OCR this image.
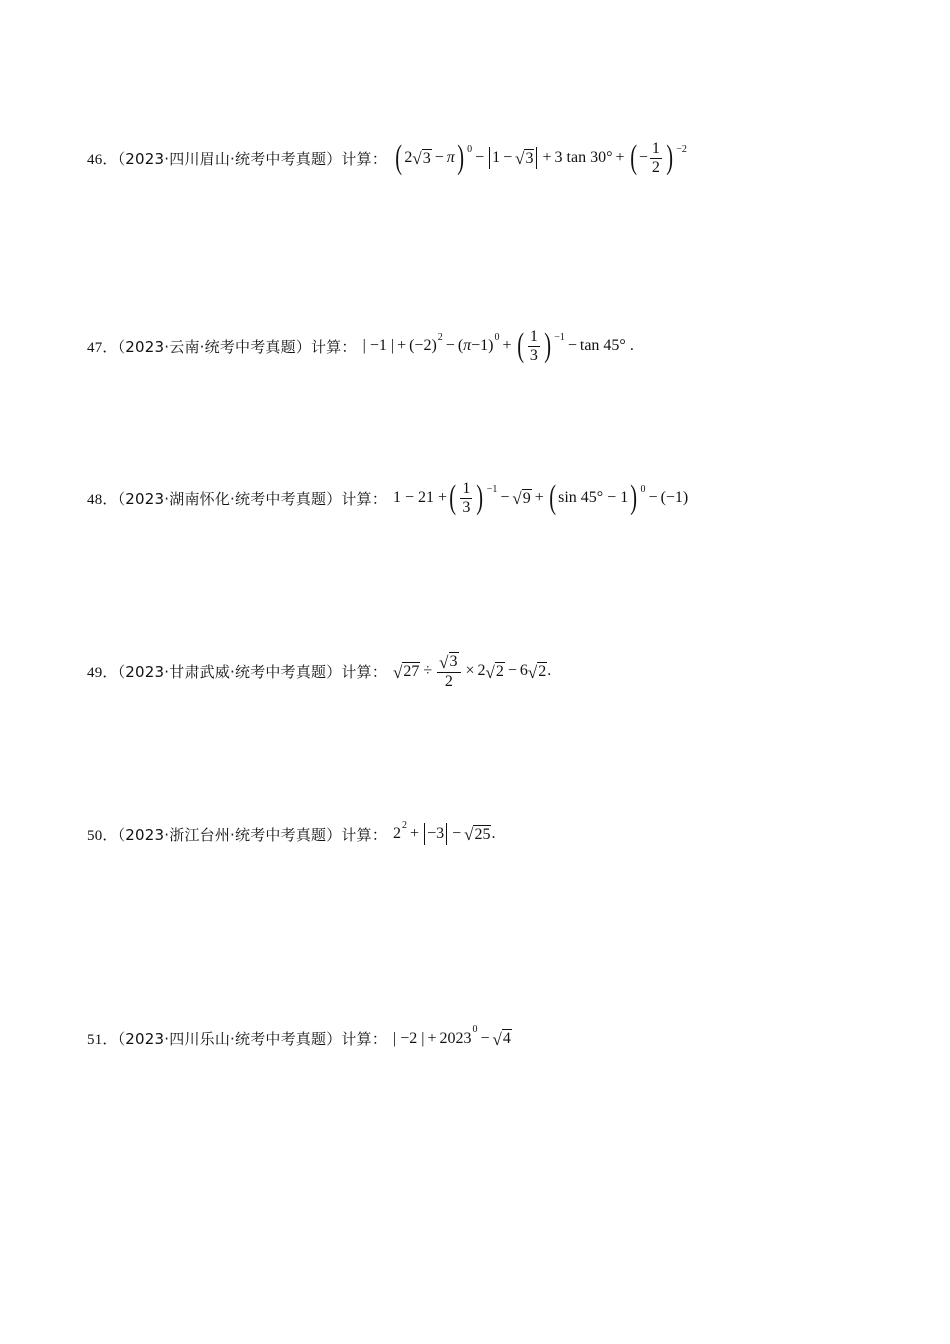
46．（2023·四川眉山·统考中考真题）计算： ( 2 √ 3 − π ) 0 − 1 − √ 3 + 3 tan 30° + ( − $\frac{1}{2}$ ) −2
47．（2023·云南·统考中考真题）计算： | −1 | + (−2) 2 − ( π −1) 0 + ( $\frac{1}{3}$ ) −1 − tan 45° .
48．（2023·湖南怀化·统考中考真题）计算： 1 − 21 + ( $\frac{1}{3}$ ) −1 − √ 9 + ( sin 45° − 1 ) 0 − (−1)
49．（2023·甘肃武威·统考中考真题）计算： √ $27 \div \frac{√ 3}{2} \times 2$ √ 2 − 6 √ 2 .
50．（2023·浙江台州·统考中考真题）计算： 2 2 + −3 − √ 25 .
51．（2023·四川乐山·统考中考真题）计算： | −2 | + 2023 0 − √ 4
